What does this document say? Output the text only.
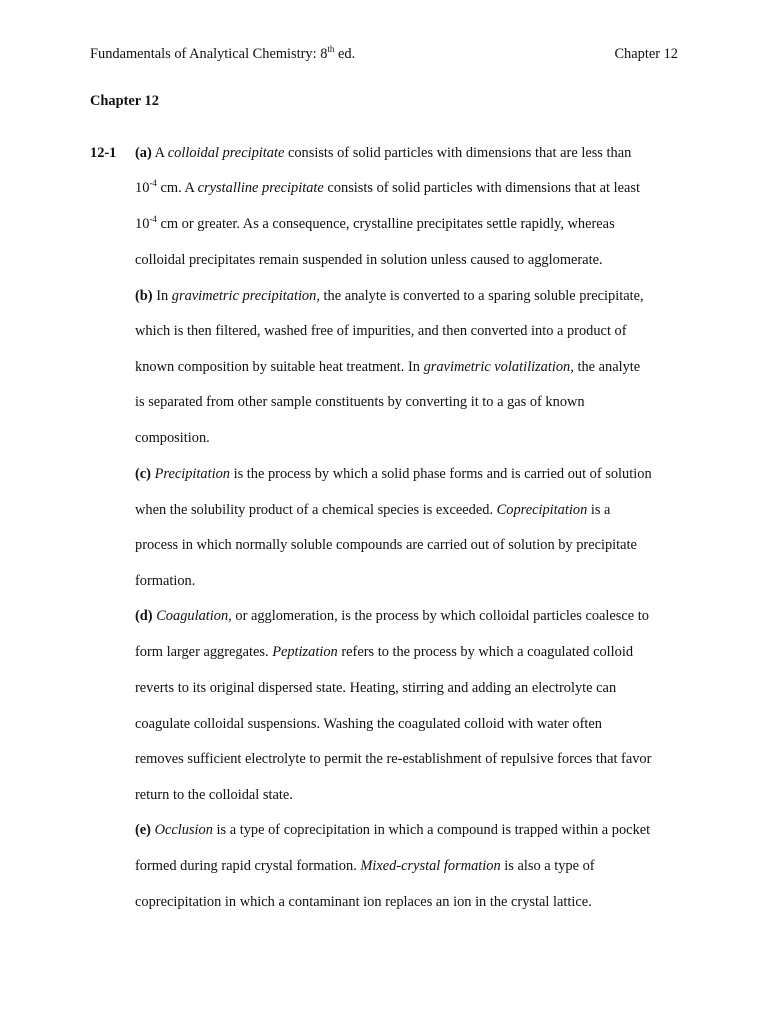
Fundamentals of Analytical Chemistry: 8th ed.	Chapter 12
Chapter 12
12-1 (a) A colloidal precipitate consists of solid particles with dimensions that are less than
$10^{-4}$ cm. A crystalline precipitate consists of solid particles with dimensions that at least
$10^{-4}$ cm or greater. As a consequence, crystalline precipitates settle rapidly, whereas
colloidal precipitates remain suspended in solution unless caused to agglomerate.
(b) In gravimetric precipitation, the analyte is converted to a sparing soluble precipitate,
which is then filtered, washed free of impurities, and then converted into a product of
known composition by suitable heat treatment. In gravimetric volatilization, the analyte
is separated from other sample constituents by converting it to a gas of known
composition.
(c) Precipitation is the process by which a solid phase forms and is carried out of solution
when the solubility product of a chemical species is exceeded. Coprecipitation is a
process in which normally soluble compounds are carried out of solution by precipitate
formation.
(d) Coagulation, or agglomeration, is the process by which colloidal particles coalesce to
form larger aggregates. Peptization refers to the process by which a coagulated colloid
reverts to its original dispersed state. Heating, stirring and adding an electrolyte can
coagulate colloidal suspensions. Washing the coagulated colloid with water often
removes sufficient electrolyte to permit the re-establishment of repulsive forces that favor
return to the colloidal state.
(e) Occlusion is a type of coprecipitation in which a compound is trapped within a pocket
formed during rapid crystal formation. Mixed-crystal formation is also a type of
coprecipitation in which a contaminant ion replaces an ion in the crystal lattice.
